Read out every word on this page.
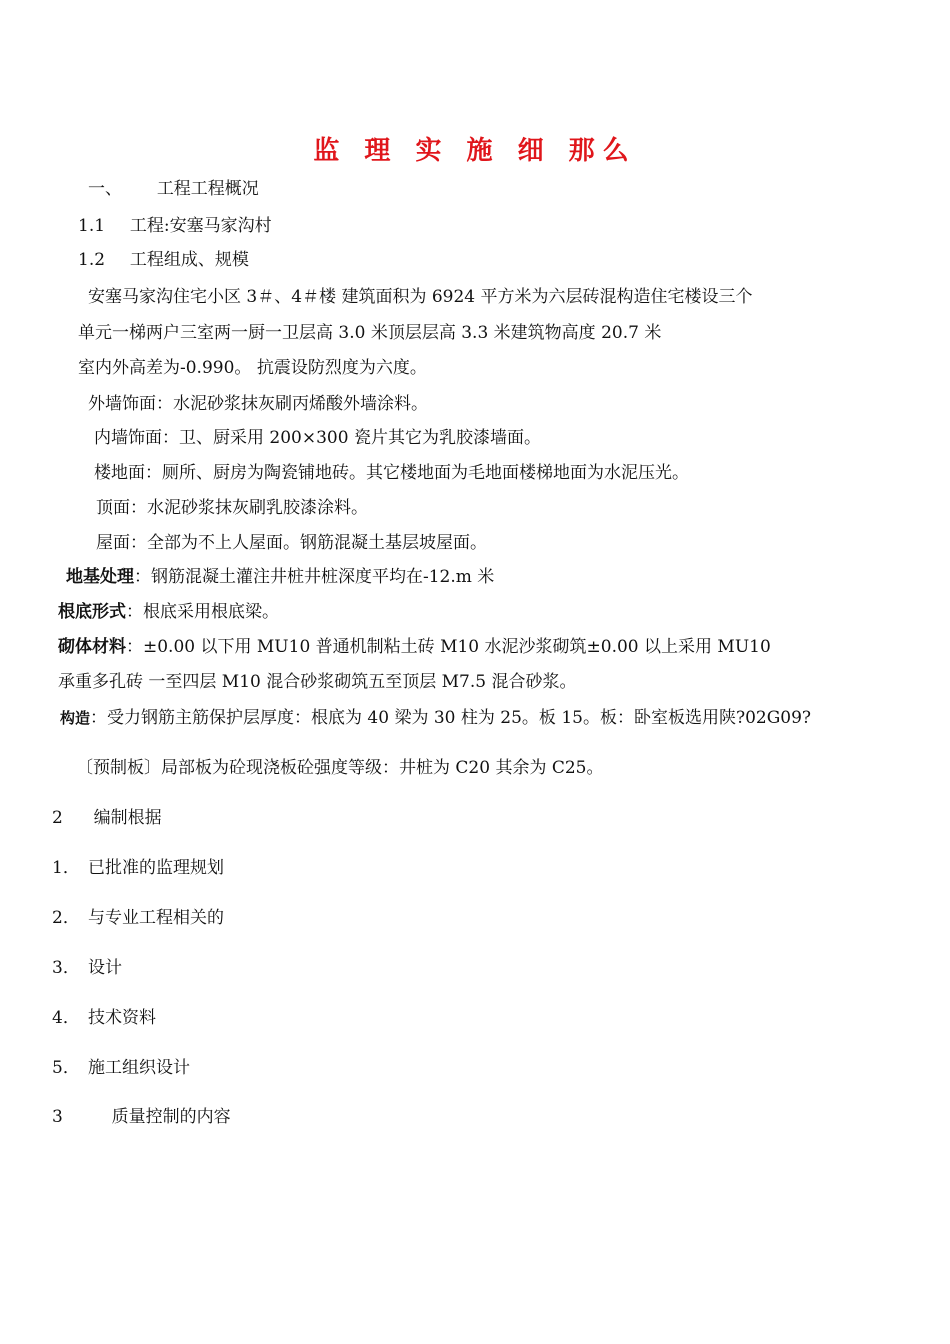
监 理 实 施 细 那么
一、 工程工程概况
1.1 工程:安塞马家沟村
1.2 工程组成、规模
安塞马家沟住宅小区 3＃、4＃楼 建筑面积为 6924 平方米为六层砖混构造住宅楼设三个
单元一梯两户三室两一厨一卫层高 3.0 米顶层层高 3.3 米建筑物高度 20.7 米
室内外高差为-0.990。 抗震设防烈度为六度。
外墙饰面：水泥砂浆抹灰刷丙烯酸外墙涂料。
内墙饰面：卫、厨采用 200×300 瓷片其它为乳胶漆墙面。
楼地面：厕所、厨房为陶瓷铺地砖。其它楼地面为毛地面楼梯地面为水泥压光。
顶面：水泥砂浆抹灰刷乳胶漆涂料。
屋面：全部为不上人屋面。钢筋混凝土基层坡屋面。
地基处理：钢筋混凝土灌注井桩井桩深度平均在-12.m 米
根底形式：根底采用根底梁。
砌体材料：±0.00 以下用 MU10 普通机制粘土砖 M10 水泥沙浆砌筑±0.00 以上采用 MU10
承重多孔砖 一至四层 M10 混合砂浆砌筑五至顶层 M7.5 混合砂浆。
构造：受力钢筋主筋保护层厚度：根底为 40 梁为 30 柱为 25。板 15。板：卧室板选用陕?02G09?
〔预制板〕局部板为砼现浇板砼强度等级：井桩为 C20 其余为 C25。
2 编制根据
1． 已批准的监理规划
2． 与专业工程相关的
3． 设计
4． 技术资料
5． 施工组织设计
3	质量控制的内容
